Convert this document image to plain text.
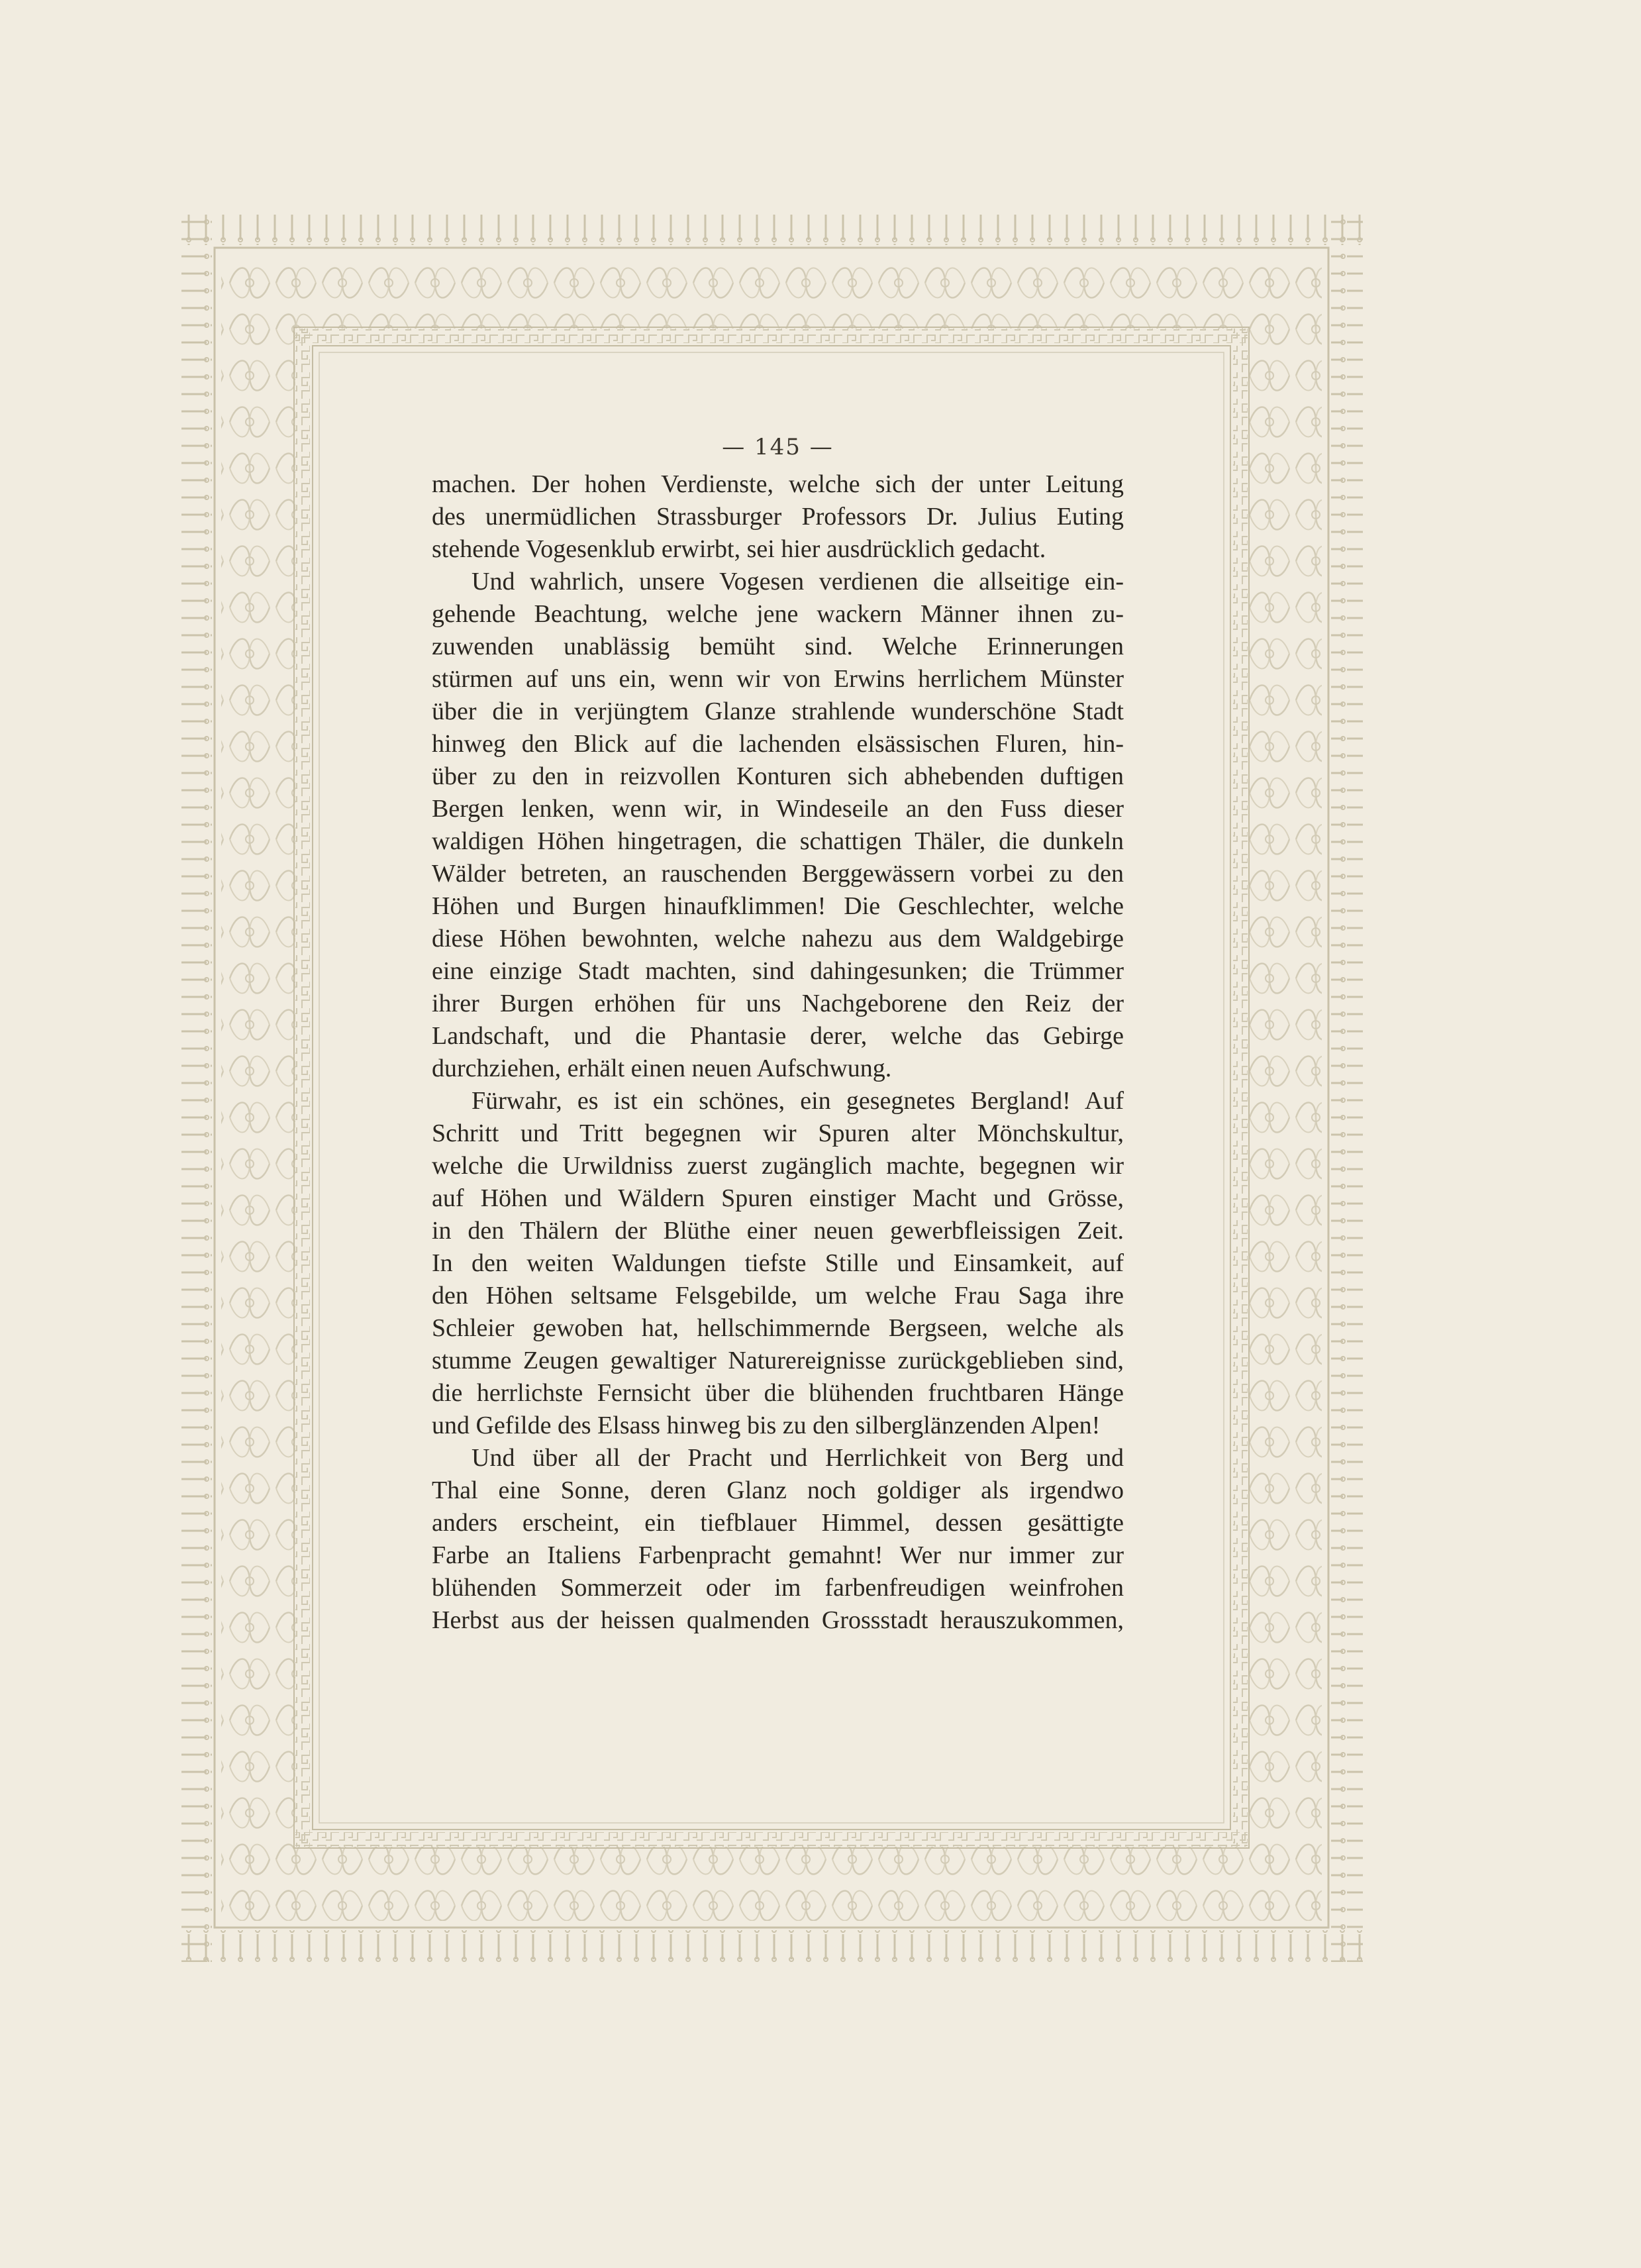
— 145 —
machen. Der hohen Verdienste, welche sich der unter Leitung
des unermüdlichen Strassburger Professors Dr. Julius Euting
stehende Vogesenklub erwirbt, sei hier ausdrücklich gedacht.
Und wahrlich, unsere Vogesen verdienen die allseitige ein-
gehende Beachtung, welche jene wackern Männer ihnen zu-
zuwenden unablässig bemüht sind. Welche Erinnerungen
stürmen auf uns ein, wenn wir von Erwins herrlichem Münster
über die in verjüngtem Glanze strahlende wunderschöne Stadt
hinweg den Blick auf die lachenden elsässischen Fluren, hin-
über zu den in reizvollen Konturen sich abhebenden duftigen
Bergen lenken, wenn wir, in Windeseile an den Fuss dieser
waldigen Höhen hingetragen, die schattigen Thäler, die dunkeln
Wälder betreten, an rauschenden Berggewässern vorbei zu den
Höhen und Burgen hinaufklimmen! Die Geschlechter, welche
diese Höhen bewohnten, welche nahezu aus dem Waldgebirge
eine einzige Stadt machten, sind dahingesunken; die Trümmer
ihrer Burgen erhöhen für uns Nachgeborene den Reiz der
Landschaft, und die Phantasie derer, welche das Gebirge
durchziehen, erhält einen neuen Aufschwung.
Fürwahr, es ist ein schönes, ein gesegnetes Bergland! Auf
Schritt und Tritt begegnen wir Spuren alter Mönchskultur,
welche die Urwildniss zuerst zugänglich machte, begegnen wir
auf Höhen und Wäldern Spuren einstiger Macht und Grösse,
in den Thälern der Blüthe einer neuen gewerbfleissigen Zeit.
In den weiten Waldungen tiefste Stille und Einsamkeit, auf
den Höhen seltsame Felsgebilde, um welche Frau Saga ihre
Schleier gewoben hat, hellschimmernde Bergseen, welche als
stumme Zeugen gewaltiger Naturereignisse zurückgeblieben sind,
die herrlichste Fernsicht über die blühenden fruchtbaren Hänge
und Gefilde des Elsass hinweg bis zu den silberglänzenden Alpen!
Und über all der Pracht und Herrlichkeit von Berg und
Thal eine Sonne, deren Glanz noch goldiger als irgendwo
anders erscheint, ein tiefblauer Himmel, dessen gesättigte
Farbe an Italiens Farbenpracht gemahnt! Wer nur immer zur
blühenden Sommerzeit oder im farbenfreudigen weinfrohen
Herbst aus der heissen qualmenden Grossstadt herauszukommen,
